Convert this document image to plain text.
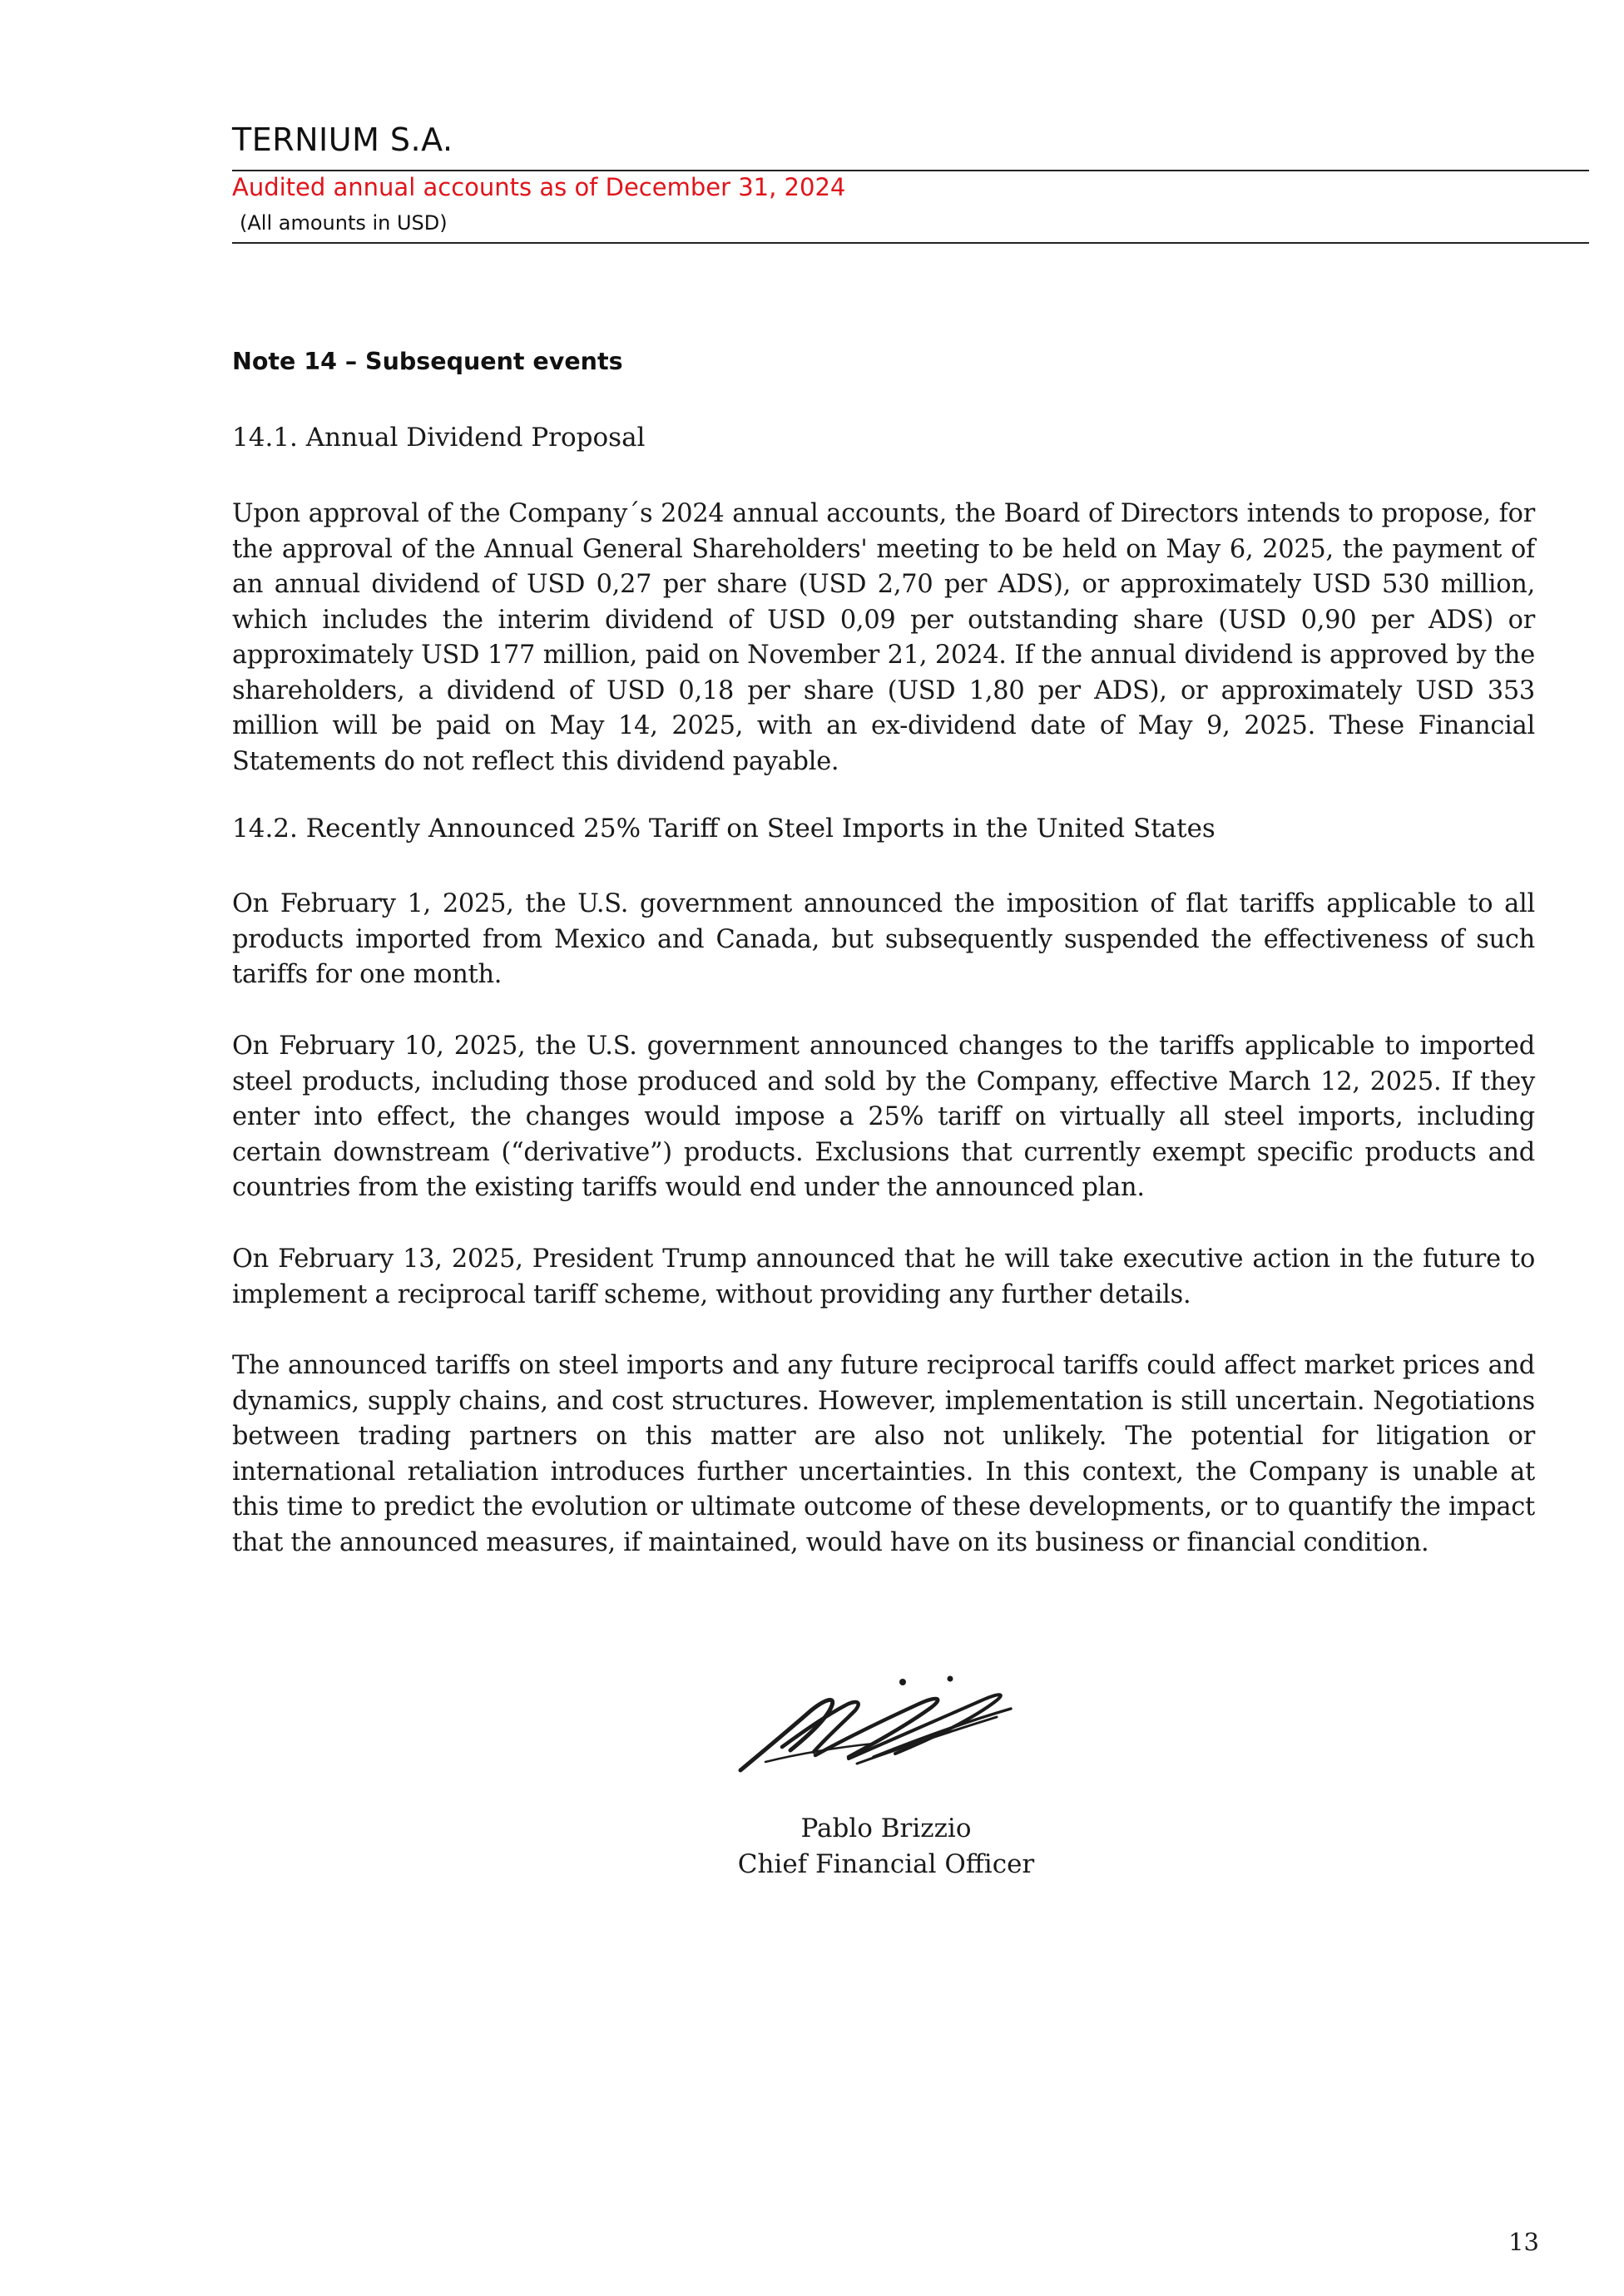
TERNIUM S.A.
Audited annual accounts as of December 31, 2024
(All amounts in USD)
Note 14 – Subsequent events
14.1. Annual Dividend Proposal
Upon approval of the Company´s 2024 annual accounts, the Board of Directors intends to propose, for the approval of the Annual General Shareholders' meeting to be held on May 6, 2025, the payment of an annual dividend of USD 0,27 per share (USD 2,70 per ADS), or approximately USD 530 million, which includes the interim dividend of USD 0,09 per outstanding share (USD 0,90 per ADS) or approximately USD 177 million, paid on November 21, 2024. If the annual dividend is approved by the shareholders, a dividend of USD 0,18 per share (USD 1,80 per ADS), or approximately USD 353 million will be paid on May 14, 2025, with an ex-dividend date of May 9, 2025. These Financial Statements do not reflect this dividend payable.
14.2. Recently Announced 25% Tariff on Steel Imports in the United States
On February 1, 2025, the U.S. government announced the imposition of flat tariffs applicable to all products imported from Mexico and Canada, but subsequently suspended the effectiveness of such tariffs for one month.
On February 10, 2025, the U.S. government announced changes to the tariffs applicable to imported steel products, including those produced and sold by the Company, effective March 12, 2025. If they enter into effect, the changes would impose a 25% tariff on virtually all steel imports, including certain downstream (“derivative”) products. Exclusions that currently exempt specific products and countries from the existing tariffs would end under the announced plan.
On February 13, 2025, President Trump announced that he will take executive action in the future to implement a reciprocal tariff scheme, without providing any further details.
The announced tariffs on steel imports and any future reciprocal tariffs could affect market prices and dynamics, supply chains, and cost structures. However, implementation is still uncertain. Negotiations between trading partners on this matter are also not unlikely. The potential for litigation or international retaliation introduces further uncertainties. In this context, the Company is unable at this time to predict the evolution or ultimate outcome of these developments, or to quantify the impact that the announced measures, if maintained, would have on its business or financial condition.
Pablo Brizzio
Chief Financial Officer
13
